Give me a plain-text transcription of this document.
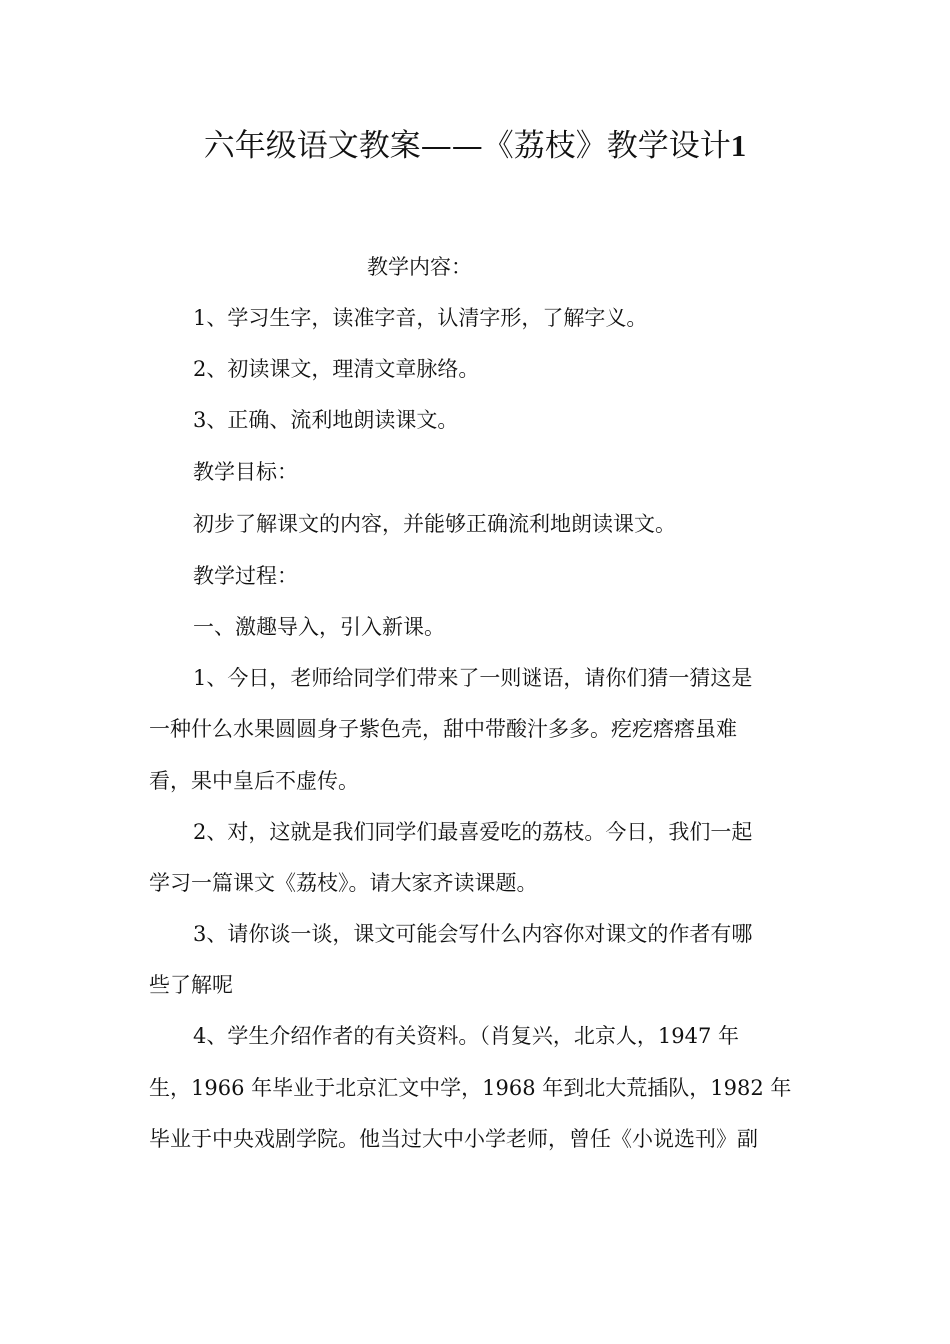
六年级语文教案——《荔枝》教学设计1
教学内容：
1、学习生字，读准字音，认清字形，了解字义。
2、初读课文，理清文章脉络。
3、正确、流利地朗读课文。
教学目标：
初步了解课文的内容，并能够正确流利地朗读课文。
教学过程：
一、激趣导入，引入新课。
1、今日，老师给同学们带来了一则谜语，请你们猜一猜这是
一种什么水果圆圆身子紫色壳，甜中带酸汁多多。疙疙瘩瘩虽难
看，果中皇后不虚传。
2、对，这就是我们同学们最喜爱吃的荔枝。今日，我们一起
学习一篇课文《荔枝》。请大家齐读课题。
3、请你谈一谈，课文可能会写什么内容你对课文的作者有哪
些了解呢
4、学生介绍作者的有关资料。（肖复兴，北京人，1947 年
生，1966 年毕业于北京汇文中学，1968 年到北大荒插队，1982 年
毕业于中央戏剧学院。他当过大中小学老师，曾任《小说选刊》副
